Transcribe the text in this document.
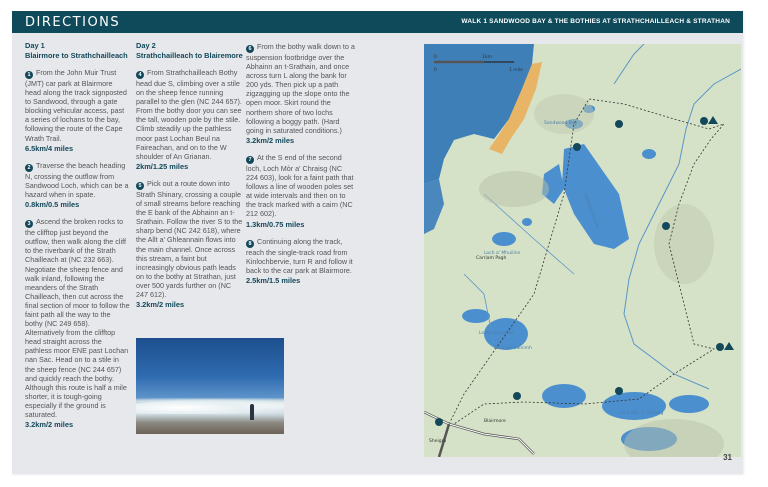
DIRECTIONS	WALK 1 SANDWOOD BAY & THE BOTHIES AT STRATHCHAILLEACH & STRATHAN
Day 1
Blairmore to Strathchailleach
1 From the John Muir Trust (JMT) car park at Blairmore head along the track signposted to Sandwood, through a gate blocking vehicular access, past a series of lochans to the bay, following the route of the Cape Wrath Trail.
6.5km/4 miles
2 Traverse the beach heading N, crossing the outflow from Sandwood Loch, which can be a hazard when in spate.
0.8km/0.5 miles
3 Ascend the broken rocks to the clifftop just beyond the outflow, then walk along the cliff to the riverbank of the Strath Chailleach at (NC 232 663). Negotiate the sheep fence and walk inland, following the meanders of the Strath Chailleach, then cut across the final section of moor to follow the faint path all the way to the bothy (NC 249 658). Alternatively from the clifftop head straight across the pathless moor ENE past Lochan nan Sac. Head on to a stile in the sheep fence (NC 244 657) and quickly reach the bothy. Although this route is half a mile shorter, it is tough-going especially if the ground is saturated.
3.2km/2 miles
Day 2
Strathchailleach to Blairemore
4 From Strathchailleach Bothy head due S, climbing over a stile on the sheep fence running parallel to the glen (NC 244 657). From the bothy door you can see the tall, wooden pole by the stile. Climb steadily up the pathless moor past Lochan Beul na Faireachan, and on to the W shoulder of An Grianan.
2km/1.25 miles
5 Pick out a route down into Strath Shinary, crossing a couple of small streams before reaching the E bank of the Abhainn an t-Srathain. Follow the river S to the sharp bend (NC 242 618), where the Allt a' Ghleannain flows into the main channel. Once across this stream, a faint but increasingly obvious path leads on to the bothy at Strathan, just over 500 yards further on (NC 247 612).
3.2km/2 miles
6 From the bothy walk down to a suspension footbridge over the Abhainn an t-Srathain, and once across turn L along the bank for 200 yds. Then pick up a path zigzagging up the slope onto the open moor. Skirt round the northern shore of two lochs following a boggy path. (Hard going in saturated conditions.)
3.2km/2 miles
7 At the S end of the second loch, Loch Mòr a' Chraisg (NC 224 603), look for a faint path that follows a line of wooden poles set at wide intervals and then on to the track marked with a cairn (NC 212 602).
1.3km/0.75 miles
8 Continuing along the track, reach the single-track road from Kinlochbervie, turn R and follow it back to the car park at Blairmore.
2.5km/1.5 miles
Sandwood Bay
Sandwood Loch
Loch a' Mhuilinn
Lochan nan Sac
Loch na Gainimh
Loch Mòr a' Chraisg
Carriam Pagh
Blairmore
Sheigra
0	1km
0	1 mile
31
